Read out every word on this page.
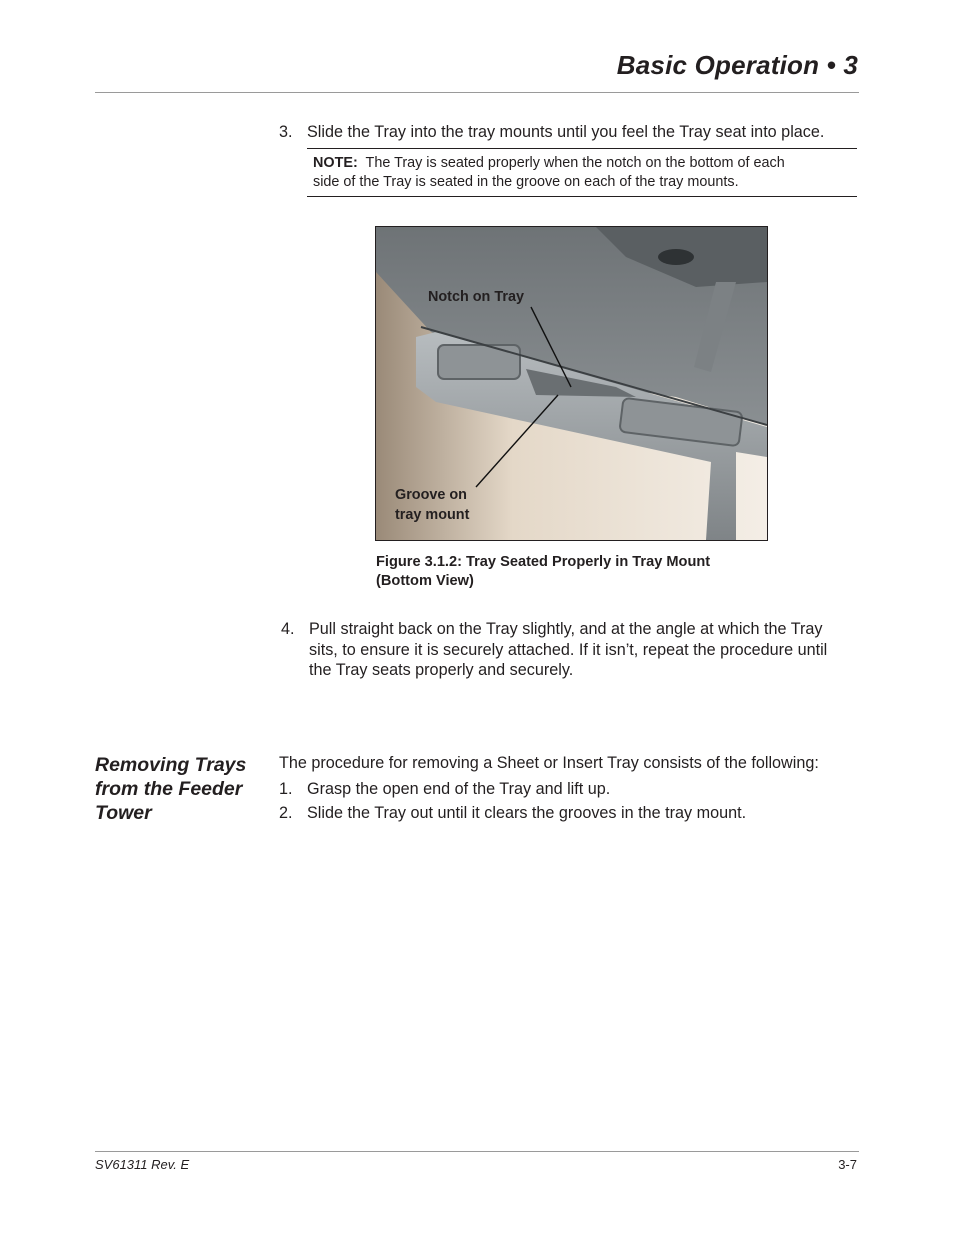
Basic Operation • 3
3. Slide the Tray into the tray mounts until you feel the Tray seat into place.
NOTE: The Tray is seated properly when the notch on the bottom of each
side of the Tray is seated in the groove on each of the tray mounts.
Notch on Tray
Groove on
tray mount
Figure 3.1.2: Tray Seated Properly in Tray Mount
(Bottom View)
4. Pull straight back on the Tray slightly, and at the angle at which the Tray
sits, to ensure it is securely attached. If it isn’t, repeat the procedure until
the Tray seats properly and securely.
Removing Trays
from the Feeder
Tower
The procedure for removing a Sheet or Insert Tray consists of the following:
1. Grasp the open end of the Tray and lift up.
2. Slide the Tray out until it clears the grooves in the tray mount.
SV61311 Rev. E	3-7
